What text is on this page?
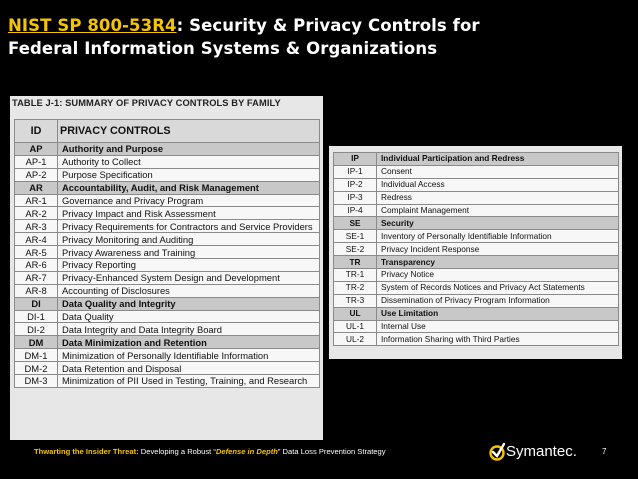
NIST SP 800-53R4: Security & Privacy Controls for
Federal Information Systems & Organizations
TABLE J-1: SUMMARY OF PRIVACY CONTROLS BY FAMILY
ID	PRIVACY CONTROLS
AP	Authority and Purpose
AP-1	Authority to Collect
AP-2	Purpose Specification
AR	Accountability, Audit, and Risk Management
AR-1	Governance and Privacy Program
AR-2	Privacy Impact and Risk Assessment
AR-3	Privacy Requirements for Contractors and Service Providers
AR-4	Privacy Monitoring and Auditing
AR-5	Privacy Awareness and Training
AR-6	Privacy Reporting
AR-7	Privacy-Enhanced System Design and Development
AR-8	Accounting of Disclosures
DI	Data Quality and Integrity
DI-1	Data Quality
DI-2	Data Integrity and Data Integrity Board
DM	Data Minimization and Retention
DM-1	Minimization of Personally Identifiable Information
DM-2	Data Retention and Disposal
DM-3	Minimization of PII Used in Testing, Training, and Research
IP	Individual Participation and Redress
IP-1	Consent
IP-2	Individual Access
IP-3	Redress
IP-4	Complaint Management
SE	Security
SE-1	Inventory of Personally Identifiable Information
SE-2	Privacy Incident Response
TR	Transparency
TR-1	Privacy Notice
TR-2	System of Records Notices and Privacy Act Statements
TR-3	Dissemination of Privacy Program Information
UL	Use Limitation
UL-1	Internal Use
UL-2	Information Sharing with Third Parties
Thwarting the Insider Threat: Developing a Robust “Defense in Depth” Data Loss Prevention Strategy	Symantec.	7
